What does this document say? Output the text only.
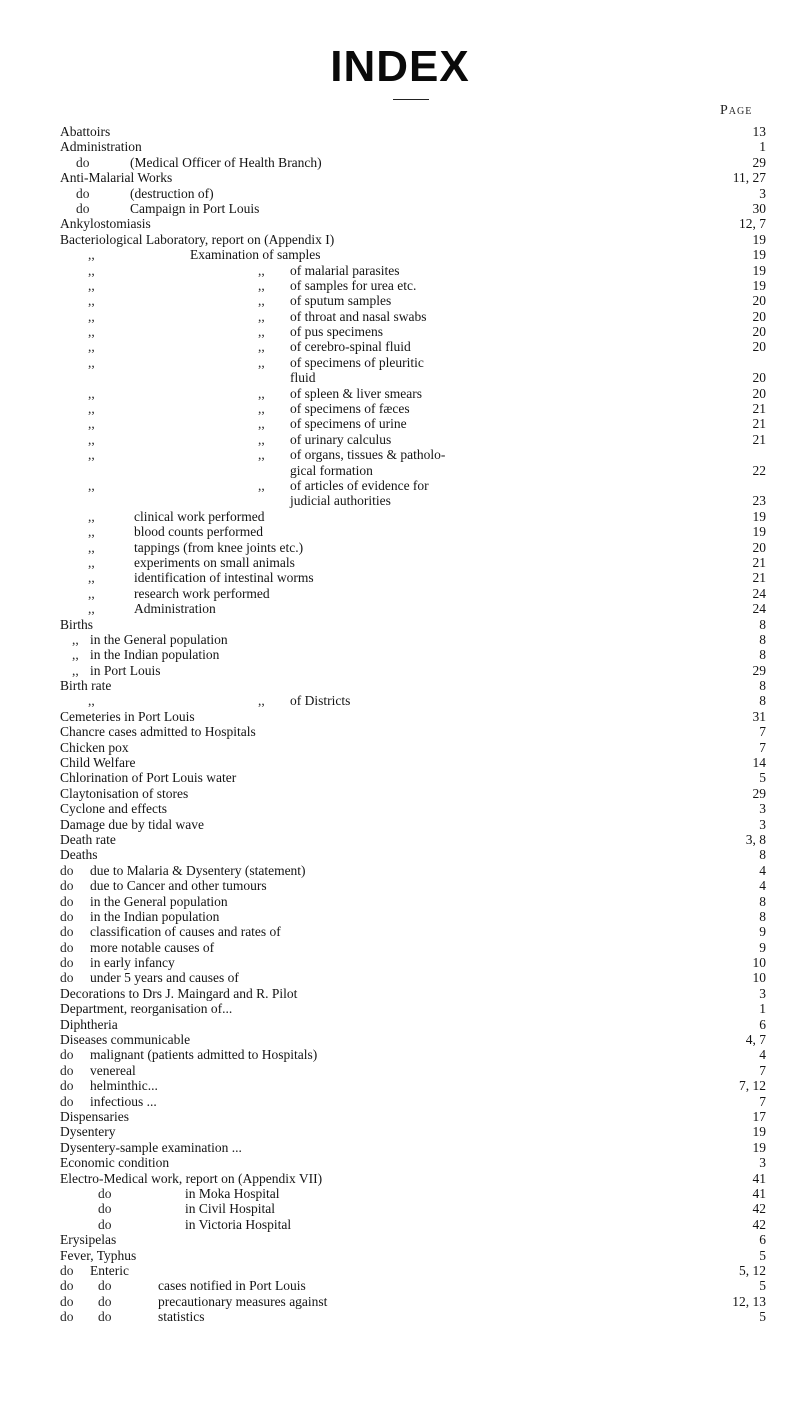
INDEX
Page
Abattoirs	13
Administration	1
do	(Medical Officer of Health Branch)	29
Anti-Malarial Works	11, 27
do	(destruction of)	3
do	Campaign in Port Louis	30
Ankylostomiasis	12, 7
Bacteriological Laboratory, report on (Appendix I)	19
,,	Examination of samples	19
,,	,, of malarial parasites	19
,,	,, of samples for urea etc.	19
,,	,, of sputum samples	20
,,	,, of throat and nasal swabs	20
,,	,, of pus specimens	20
,,	,, of cerebro-spinal fluid	20
,,	,, of specimens of pleuritic
fluid	20
,,	,, of spleen & liver smears	20
,,	,, of specimens of fæces	21
,,	,, of specimens of urine	21
,,	,, of urinary calculus	21
,,	,, of organs, tissues & patholo-
gical formation	22
,,	,, of articles of evidence for
judicial authorities	23
,,	clinical work performed	19
,,	blood counts performed	19
,,	tappings (from knee joints etc.)	20
,,	experiments on small animals	21
,,	identification of intestinal worms	21
,,	research work performed	24
,,	Administration	24
Births	8
,, in the General population	8
,, in the Indian population	8
,, in Port Louis	29
Birth rate	8
,,	,, of Districts	8
Cemeteries in Port Louis	31
Chancre cases admitted to Hospitals	7
Chicken pox	7
Child Welfare	14
Chlorination of Port Louis water	5
Claytonisation of stores	29
Cyclone and effects	3
Damage due by tidal wave	3
Death rate	3, 8
Deaths	8
do due to Malaria & Dysentery (statement)	4
do due to Cancer and other tumours	4
do in the General population	8
do in the Indian population	8
do classification of causes and rates of	9
do more notable causes of	9
do in early infancy	10
do under 5 years and causes of	10
Decorations to Drs J. Maingard and R. Pilot	3
Department, reorganisation of...	1
Diphtheria	6
Diseases communicable	4, 7
do malignant (patients admitted to Hospitals)	4
do venereal	7
do helminthic...	7, 12
do infectious ...	7
Dispensaries	17
Dysentery	19
Dysentery-sample examination ...	19
Economic condition	3
Electro-Medical work, report on (Appendix VII)	41
do	in Moka Hospital	41
do	in Civil Hospital	42
do	in Victoria Hospital	42
Erysipelas	6
Fever, Typhus	5
do Enteric	5, 12
do do	cases notified in Port Louis	5
do do	precautionary measures against	12, 13
do do	statistics	5
